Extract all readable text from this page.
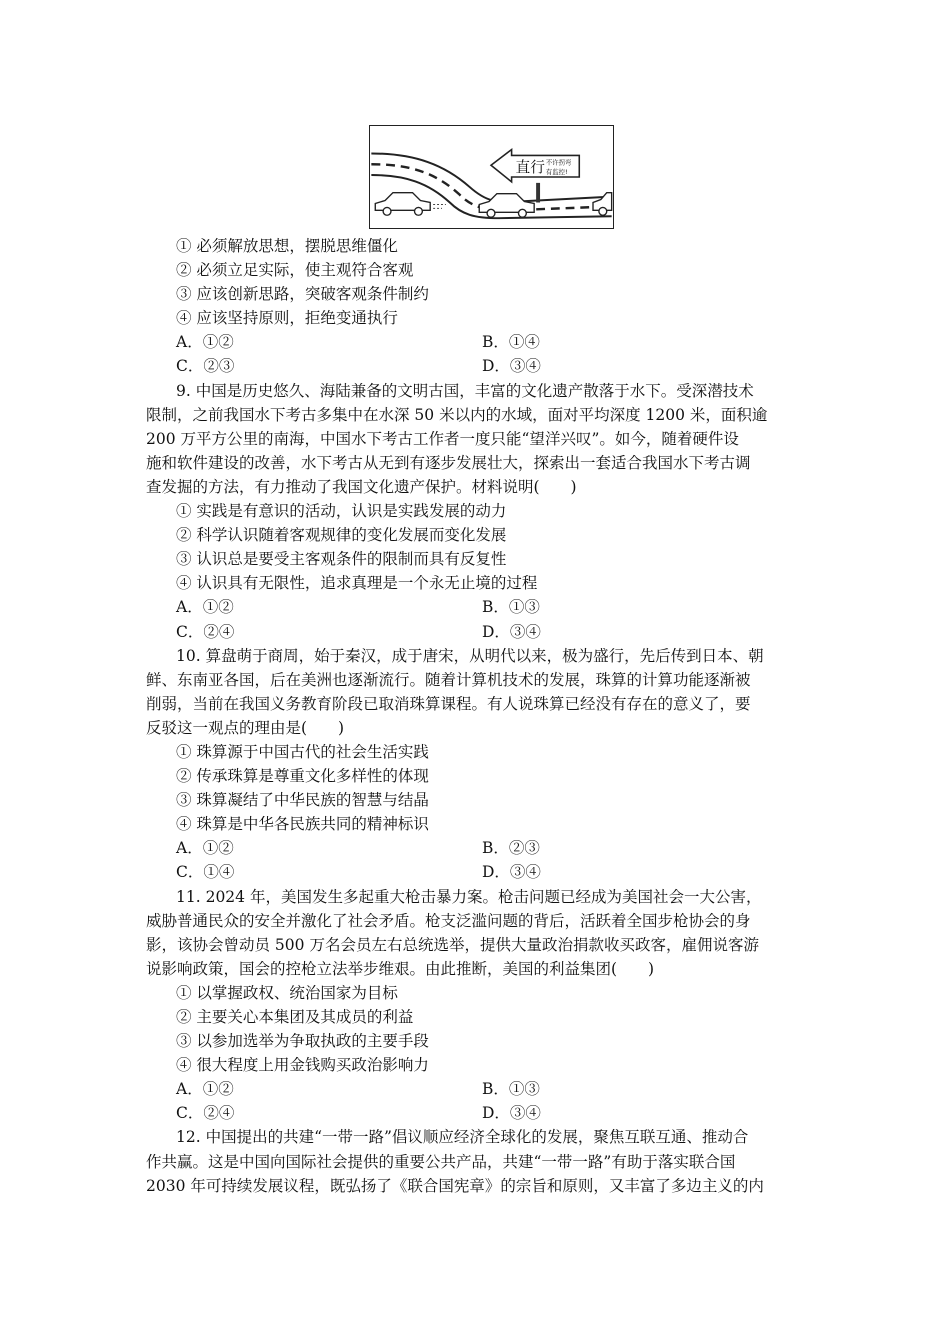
直行 不许拐弯
有监控!
① 必须解放思想，摆脱思维僵化
② 必须立足实际，使主观符合客观
③ 应该创新思路，突破客观条件制约
④ 应该坚持原则，拒绝变通执行
A．①②	B．①④
C．②③	D．③④
9. 中国是历史悠久、海陆兼备的文明古国，丰富的文化遗产散落于水下。受深潜技术
限制，之前我国水下考古多集中在水深 50 米以内的水域，面对平均深度 1200 米，面积逾
200 万平方公里的南海，中国水下考古工作者一度只能“望洋兴叹”。如今，随着硬件设
施和软件建设的改善，水下考古从无到有逐步发展壮大，探索出一套适合我国水下考古调
查发掘的方法，有力推动了我国文化遗产保护。材料说明(　　)
① 实践是有意识的活动，认识是实践发展的动力
② 科学认识随着客观规律的变化发展而变化发展
③ 认识总是要受主客观条件的限制而具有反复性
④ 认识具有无限性，追求真理是一个永无止境的过程
A．①②	B．①③
C．②④	D．③④
10. 算盘萌于商周，始于秦汉，成于唐宋，从明代以来，极为盛行，先后传到日本、朝
鲜、东南亚各国，后在美洲也逐渐流行。随着计算机技术的发展，珠算的计算功能逐渐被
削弱，当前在我国义务教育阶段已取消珠算课程。有人说珠算已经没有存在的意义了，要
反驳这一观点的理由是(　　)
① 珠算源于中国古代的社会生活实践
② 传承珠算是尊重文化多样性的体现
③ 珠算凝结了中华民族的智慧与结晶
④ 珠算是中华各民族共同的精神标识
A．①②	B．②③
C．①④	D．③④
11. 2024 年，美国发生多起重大枪击暴力案。枪击问题已经成为美国社会一大公害，
威胁普通民众的安全并激化了社会矛盾。枪支泛滥问题的背后，活跃着全国步枪协会的身
影，该协会曾动员 500 万名会员左右总统选举，提供大量政治捐款收买政客，雇佣说客游
说影响政策，国会的控枪立法举步维艰。由此推断，美国的利益集团(　　)
① 以掌握政权、统治国家为目标
② 主要关心本集团及其成员的利益
③ 以参加选举为争取执政的主要手段
④ 很大程度上用金钱购买政治影响力
A．①②	B．①③
C．②④	D．③④
12. 中国提出的共建“一带一路”倡议顺应经济全球化的发展，聚焦互联互通、推动合
作共赢。这是中国向国际社会提供的重要公共产品，共建“一带一路”有助于落实联合国
2030 年可持续发展议程，既弘扬了《联合国宪章》的宗旨和原则，又丰富了多边主义的内
